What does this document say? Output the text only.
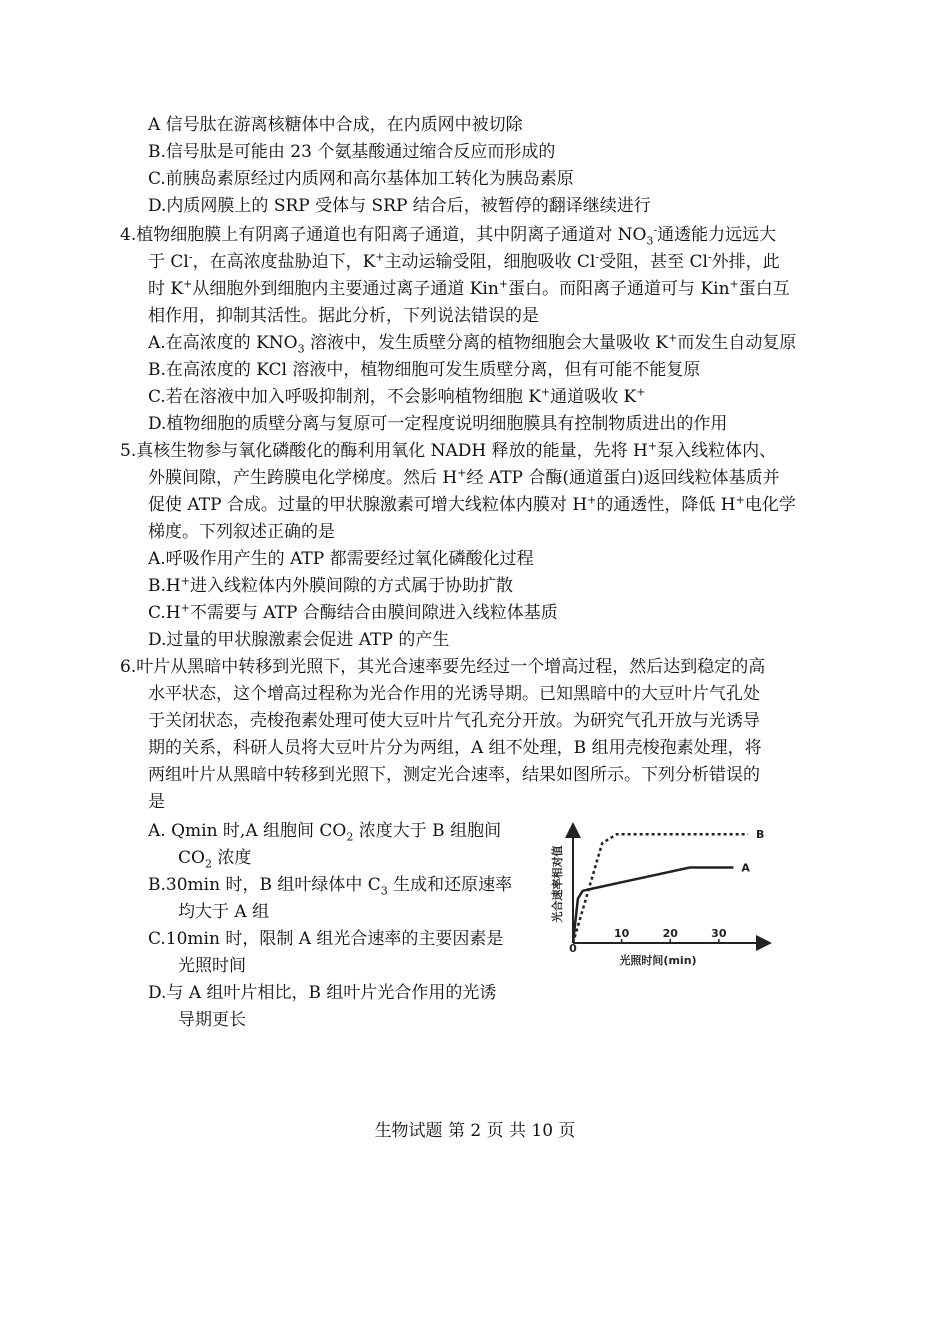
A 信号肽在游离核糖体中合成，在内质网中被切除
B.信号肽是可能由 23 个氨基酸通过缩合反应而形成的
C.前胰岛素原经过内质网和高尔基体加工转化为胰岛素原
D.内质网膜上的 SRP 受体与 SRP 结合后，被暂停的翻译继续进行
4.植物细胞膜上有阴离子通道也有阳离子通道，其中阴离子通道对 $NO_3^-$通透能力远远大
于 Cl-，在高浓度盐胁迫下，K+主动运输受阻，细胞吸收 Cl-受阻，甚至 Cl-外排，此
时 K+从细胞外到细胞内主要通过离子通道 Kin+蛋白。而阳离子通道可与 Kin+蛋白互
相作用，抑制其活性。据此分析，下列说法错误的是
A.在高浓度的 $KNO_3$ 溶液中，发生质壁分离的植物细胞会大量吸收 K+而发生自动复原
B.在高浓度的 KCl 溶液中，植物细胞可发生质壁分离，但有可能不能复原
C.若在溶液中加入呼吸抑制剂，不会影响植物细胞 K+通道吸收 K+
D.植物细胞的质壁分离与复原可一定程度说明细胞膜具有控制物质进出的作用
5.真核生物参与氧化磷酸化的酶利用氧化 NADH 释放的能量，先将 H+泵入线粒体内、
外膜间隙，产生跨膜电化学梯度。然后 H+经 ATP 合酶(通道蛋白)返回线粒体基质并
促使 ATP 合成。过量的甲状腺激素可增大线粒体内膜对 H+的通透性，降低 H+电化学
梯度。下列叙述正确的是
A.呼吸作用产生的 ATP 都需要经过氧化磷酸化过程
B.H+进入线粒体内外膜间隙的方式属于协助扩散
C.H+不需要与 ATP 合酶结合由膜间隙进入线粒体基质
D.过量的甲状腺激素会促进 ATP 的产生
6.叶片从黑暗中转移到光照下，其光合速率要先经过一个增高过程，然后达到稳定的高
水平状态，这个增高过程称为光合作用的光诱导期。已知黑暗中的大豆叶片气孔处
于关闭状态，壳梭孢素处理可使大豆叶片气孔充分开放。为研究气孔开放与光诱导
期的关系，科研人员将大豆叶片分为两组，A 组不处理，B 组用壳梭孢素处理，将
两组叶片从黑暗中转移到光照下，测定光合速率，结果如图所示。下列分析错误的
是
A. Qmin 时,A 组胞间 $CO_2$ 浓度大于 B 组胞间
$CO_2$ 浓度
B.30min 时，B 组叶绿体中 $C_3$ 生成和还原速率
均大于 A 组
C.10min 时，限制 A 组光合速率的主要因素是
光照时间
D.与 A 组叶片相比，B 组叶片光合作用的光诱
导期更长
光合速率相对值
光照时间(min)
0
10	20	30
B
A
生物试题 第 2 页 共 10 页
